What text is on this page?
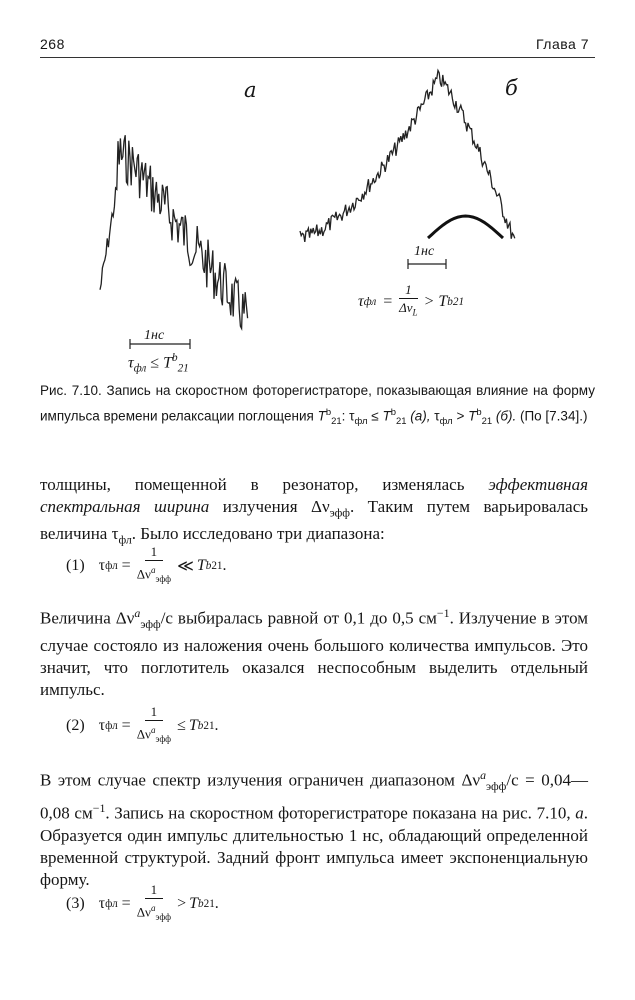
268	Глава 7
a	б
1нс
1нс
$\tau_{фл} \le T^b_{21}$
τ фл = $\frac{1}{\Delta\nu_L} > T$ b 21
Рис. 7.10. Запись на скоростном фоторегистраторе, показывающая влияние на форму импульса времени релаксации поглощения $T^b_{21}$: $\tau_{фл} \le T^b_{21}$ (a), $\tau_{фл} > T^b_{21}$ (б). (По [7.34].)
толщины, помещенной в резонатор, изменялась эффективная спектральная ширина излучения $\Delta\nu_{эфф}$. Таким путем варьировалась величина $\tau_{фл}$. Было исследовано три диапазона:
(1) τ фл = $\frac{1}{\Delta\nu^a_{эфф}}$ ≪ T b 21 .
Величина $\Delta\nu^a_{эфф}/c$ выбиралась равной от 0,1 до 0,5 $см^{-1}$. Излучение в этом случае состояло из наложения очень большого количества импульсов. Это значит, что поглотитель оказался неспособным выделить отдельный импульс.
(2) τ фл = $\frac{1}{\Delta\nu^a_{эфф}} \le T$ b 21 .
В этом случае спектр излучения ограничен диапазоном $\Delta\nu^a_{эфф}/c$ = 0,04—0,08 $см^{-1}$. Запись на скоростном фоторегистраторе показана на рис. 7.10, а. Образуется один импульс длительностью 1 нс, обладающий определенной временной структурой. Задний фронт импульса имеет экспоненциальную форму.
(3) τ фл = $\frac{1}{\Delta\nu^a_{эфф}} > T$ b 21 .
